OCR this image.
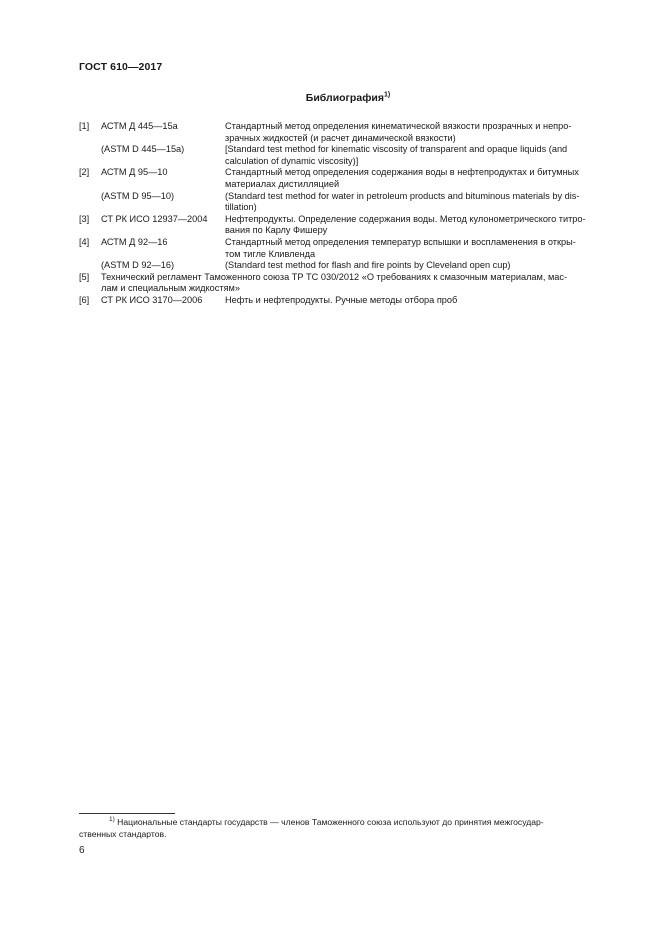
ГОСТ 610—2017
Библиография$^{1)}$
[1]	АСТМ Д 445—15а	Стандартный метод определения кинематической вязкости прозрачных и непро-
зрачных жидкостей (и расчет динамической вязкости)
(ASTM D 445—15a)	[Standard test method for kinematic viscosity of transparent and opaque liquids (and
calculation of dynamic viscosity)]
[2]	АСТМ Д 95—10	Стандартный метод определения содержания воды в нефтепродуктах и битумных
материалах дистилляцией
(ASTM D 95—10)	(Standard test method for water in petroleum products and bituminous materials by dis-
tillation)
[3]	СТ РК ИСО 12937—2004	Нефтепродукты. Определение содержания воды. Метод кулонометрического титро-
вания по Карлу Фишеру
[4]	АСТМ Д 92—16	Стандартный метод определения температур вспышки и воспламенения в откры-
том тигле Кливленда
(ASTM D 92—16)	(Standard test method for flash and fire points by Cleveland open cup)
[5]	Технический регламент Таможенного союза ТР ТС 030/2012 «О требованиях к смазочным материалам, мас-
лам и специальным жидкостям»
[6]	СТ РК ИСО 3170—2006	Нефть и нефтепродукты. Ручные методы отбора проб
1) Национальные стандарты государств — членов Таможенного союза используют до принятия межгосудар-
ственных стандартов.
6
